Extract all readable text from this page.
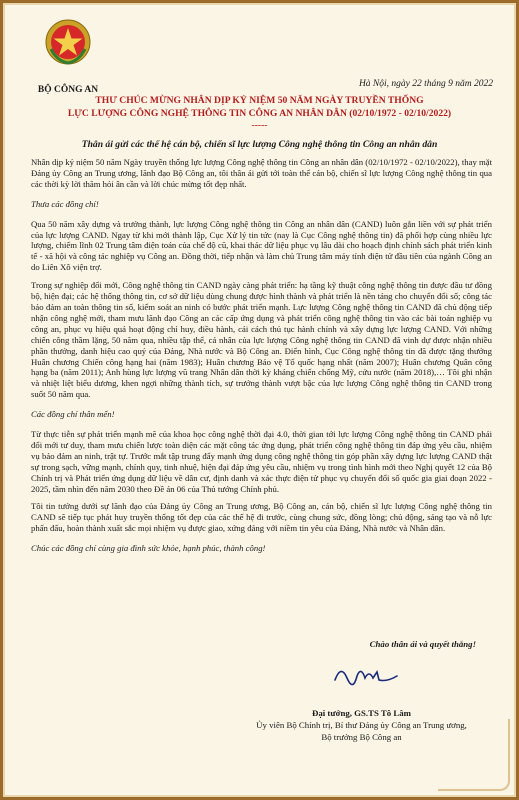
BỘ CÔNG AN
Hà Nội, ngày 22 tháng 9 năm 2022
THƯ CHÚC MỪNG NHÂN DỊP KỶ NIỆM 50 NĂM NGÀY TRUYỀN THỐNG
LỰC LƯỢNG CÔNG NGHỆ THÔNG TIN CÔNG AN NHÂN DÂN (02/10/1972 - 02/10/2022)
-----
Thân ái gửi các thế hệ cán bộ, chiến sĩ lực lượng Công nghệ thông tin Công an nhân dân

Nhân dịp kỷ niệm 50 năm Ngày truyền thống lực lượng Công nghệ thông tin Công an nhân dân (02/10/1972 - 02/10/2022), thay mặt Đảng ủy Công an Trung ương, lãnh đạo Bộ Công an, tôi thân ái gửi tới toàn thể cán bộ, chiến sĩ lực lượng Công nghệ thông tin qua các thời kỳ lời thăm hỏi ân cần và lời chúc mừng tốt đẹp nhất.

Thưa các đồng chí!

Qua 50 năm xây dựng và trưởng thành, lực lượng Công nghệ thông tin Công an nhân dân (CAND) luôn gắn liền với sự phát triển của lực lượng CAND. Ngay từ khi mới thành lập, Cục Xử lý tin tức (nay là Cục Công nghệ thông tin) đã phối hợp cùng nhiều lực lượng, chiếm lĩnh 02 Trung tâm điện toán của chế độ cũ, khai thác dữ liệu phục vụ lâu dài cho hoạch định chính sách phát triển kinh tế - xã hội và công tác nghiệp vụ Công an. Đồng thời, tiếp nhận và làm chủ Trung tâm máy tính điện tử đầu tiên của ngành Công an do Liên Xô viện trợ.

Trong sự nghiệp đổi mới, Công nghệ thông tin CAND ngày càng phát triển: hạ tầng kỹ thuật công nghệ thông tin được đầu tư đồng bộ, hiện đại; các hệ thống thông tin, cơ sở dữ liệu dùng chung được hình thành và phát triển là nền tảng cho chuyển đổi số; công tác bảo đảm an toàn thông tin số, kiểm soát an ninh có bước phát triển mạnh. Lực lượng Công nghệ thông tin CAND đã chủ động tiếp nhận công nghệ mới, tham mưu lãnh đạo Công an các cấp ứng dụng và phát triển công nghệ thông tin vào các bài toán nghiệp vụ công an, phục vụ hiệu quả hoạt động chỉ huy, điều hành, cải cách thủ tục hành chính và xây dựng lực lượng CAND. Với những chiến công thầm lặng, 50 năm qua, nhiều tập thể, cá nhân của lực lượng Công nghệ thông tin CAND đã vinh dự được nhận nhiều phần thưởng, danh hiệu cao quý của Đảng, Nhà nước và Bộ Công an. Điển hình, Cục Công nghệ thông tin đã được tặng thưởng Huân chương Chiến công hạng hai (năm 1983); Huân chương Bảo vệ Tổ quốc hạng nhất (năm 2007); Huân chương Quân công hạng ba (năm 2011); Anh hùng lực lượng vũ trang Nhân dân thời kỳ kháng chiến chống Mỹ, cứu nước (năm 2018),… Tôi ghi nhận và nhiệt liệt biểu dương, khen ngợi những thành tích, sự trưởng thành vượt bậc của lực lượng Công nghệ thông tin CAND trong suốt 50 năm qua.

Các đồng chí thân mến!

Từ thực tiễn sự phát triển mạnh mẽ của khoa học công nghệ thời đại 4.0, thời gian tới lực lượng Công nghệ thông tin CAND phải đổi mới tư duy, tham mưu chiến lược toàn diện các mặt công tác ứng dụng, phát triển công nghệ thông tin đáp ứng yêu cầu, nhiệm vụ bảo đảm an ninh, trật tự. Trước mắt tập trung đẩy mạnh ứng dụng công nghệ thông tin góp phần xây dựng lực lượng CAND thật sự trong sạch, vững mạnh, chính quy, tinh nhuệ, hiện đại đáp ứng yêu cầu, nhiệm vụ trong tình hình mới theo Nghị quyết 12 của Bộ Chính trị và Phát triển ứng dụng dữ liệu về dân cư, định danh và xác thực điện tử phục vụ chuyển đổi số quốc gia giai đoạn 2022 - 2025, tầm nhìn đến năm 2030 theo Đề án 06 của Thủ tướng Chính phủ.

Tôi tin tưởng dưới sự lãnh đạo của Đảng ủy Công an Trung ương, Bộ Công an, cán bộ, chiến sĩ lực lượng Công nghệ thông tin CAND sẽ tiếp tục phát huy truyền thống tốt đẹp của các thế hệ đi trước, cùng chung sức, đồng lòng; chủ động, sáng tạo và nỗ lực phấn đấu, hoàn thành xuất sắc mọi nhiệm vụ được giao, xứng đáng với niềm tin yêu của Đảng, Nhà nước và Nhân dân.

Chúc các đồng chí cùng gia đình sức khỏe, hạnh phúc, thành công!

Chào thân ái và quyết thắng!
Đại tướng, GS.TS Tô Lâm
Ủy viên Bộ Chính trị, Bí thư Đảng ủy Công an Trung ương,
Bộ trưởng Bộ Công an
